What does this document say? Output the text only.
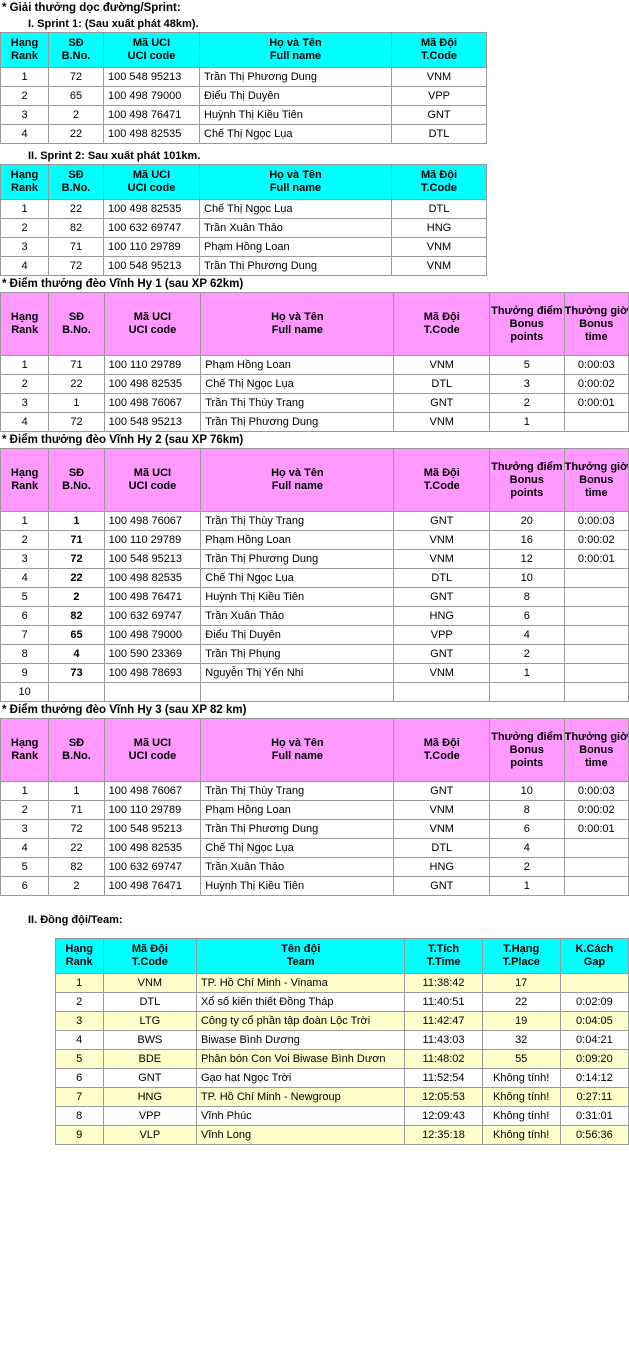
* Giải thưởng dọc đường/Sprint:
I. Sprint 1: (Sau xuất phát 48km).
Hạng
Rank

SĐ
B.No.

Mã UCI
UCI code

Họ và Tên
Full name

Mã Đội
T.Code

1	72	100 548 95213	Trần Thị Phương Dung	VNM
2	65	100 498 79000	Điểu Thị Duyên	VPP
3	2	100 498 76471	Huỳnh Thị Kiều Tiên	GNT
4	22	100 498 82535	Chế Thị Ngọc Lụa	DTL
II. Sprint 2: Sau xuất phát 101km.
Hạng
Rank

SĐ
B.No.

Mã UCI
UCI code

Họ và Tên
Full name

Mã Đội
T.Code

1	22	100 498 82535	Chế Thị Ngọc Lụa	DTL
2	82	100 632 69747	Trần Xuân Thảo	HNG
3	71	100 110 29789	Phạm Hồng Loan	VNM
4	72	100 548 95213	Trần Thị Phương Dung	VNM
* Điểm thưởng đèo Vĩnh Hy 1 (sau XP 62km)
Hạng
Rank

SĐ
B.No.

Mã UCI
UCI code

Họ và Tên
Full name

Mã Đội
T.Code

Thưởng điểm
Bonus
points

Thưởng giờ
Bonus
time

1	71	100 110 29789	Phạm Hồng Loan	VNM	5	0:00:03
2	22	100 498 82535	Chế Thị Ngọc Lụa	DTL	3	0:00:02
3	1	100 498 76067	Trần Thị Thùy Trang	GNT	2	0:00:01
4	72	100 548 95213	Trần Thị Phương Dung	VNM	1	
* Điểm thưởng đèo Vĩnh Hy 2 (sau XP 76km)
Hạng
Rank

SĐ
B.No.

Mã UCI
UCI code

Họ và Tên
Full name

Mã Đội
T.Code

Thưởng điểm
Bonus
points

Thưởng giờ
Bonus
time

1	1	100 498 76067	Trần Thị Thùy Trang	GNT	20	0:00:03
2	71	100 110 29789	Phạm Hồng Loan	VNM	16	0:00:02
3	72	100 548 95213	Trần Thị Phương Dung	VNM	12	0:00:01
4	22	100 498 82535	Chế Thị Ngọc Lụa	DTL	10	
5	2	100 498 76471	Huỳnh Thị Kiều Tiên	GNT	8	
6	82	100 632 69747	Trần Xuân Thảo	HNG	6	
7	65	100 498 79000	Điểu Thị Duyên	VPP	4	
8	4	100 590 23369	Trần Thị Phụng	GNT	2	
9	73	100 498 78693	Nguyễn Thị Yến Nhi	VNM	1	
10						
* Điểm thưởng đèo Vĩnh Hy 3 (sau XP 82 km)
Hạng
Rank

SĐ
B.No.

Mã UCI
UCI code

Họ và Tên
Full name

Mã Đội
T.Code

Thưởng điểm
Bonus
points

Thưởng giờ
Bonus
time

1	1	100 498 76067	Trần Thị Thùy Trang	GNT	10	0:00:03
2	71	100 110 29789	Phạm Hồng Loan	VNM	8	0:00:02
3	72	100 548 95213	Trần Thị Phương Dung	VNM	6	0:00:01
4	22	100 498 82535	Chế Thị Ngọc Lụa	DTL	4	
5	82	100 632 69747	Trần Xuân Thảo	HNG	2	
6	2	100 498 76471	Huỳnh Thị Kiều Tiên	GNT	1	
II. Đồng đội/Team:

Hạng
Rank

Mã Đội
T.Code

Tên đội
Team

T.Tích
T.Time

T.Hạng
T.Place

K.Cách
Gap

	1	VNM	TP. Hồ Chí Minh - Vinama	11:38:42	17	
	2	DTL	Xổ số kiến thiết Đồng Tháp	11:40:51	22	0:02:09
	3	LTG	Công ty cổ phần tập đoàn Lộc Trời	11:42:47	19	0:04:05
	4	BWS	Biwase Bình Dương	11:43:03	32	0:04:21
	5	BDE	Phân bón Con Voi Biwase Bình Dươn	11:48:02	55	0:09:20
	6	GNT	Gạo hạt Ngọc Trời	11:52:54	Không tính!	0:14:12
	7	HNG	TP. Hồ Chí Minh - Newgroup	12:05:53	Không tính!	0:27:11
	8	VPP	Vĩnh Phúc	12:09:43	Không tính!	0:31:01
	9	VLP	Vĩnh Long	12:35:18	Không tính!	0:56:36
